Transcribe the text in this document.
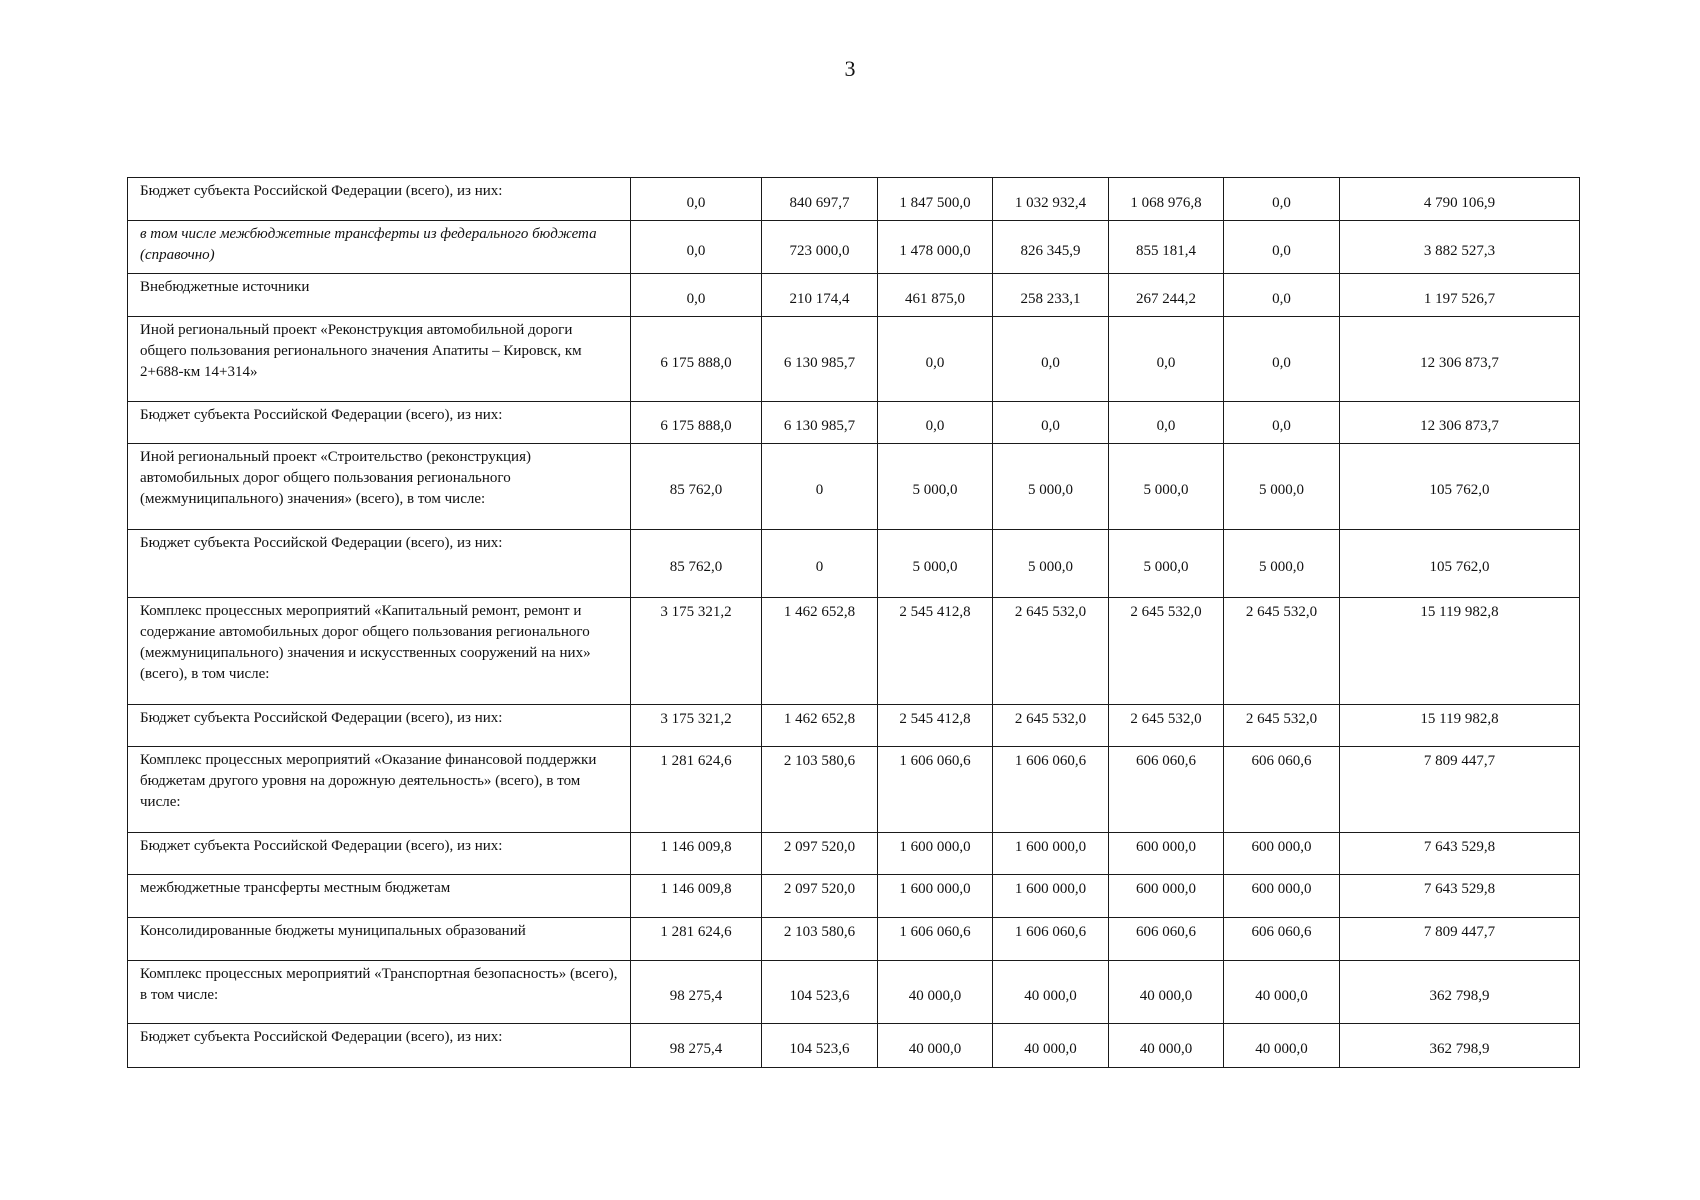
3
Бюджет субъекта Российской Федерации (всего), из них:	0,0	840 697,7	1 847 500,0	1 032 932,4	1 068 976,8	0,0	4 790 106,9
в том числе межбюджетные трансферты из федерального бюджета (справочно)	0,0	723 000,0	1 478 000,0	826 345,9	855 181,4	0,0	3 882 527,3
Внебюджетные источники	0,0	210 174,4	461 875,0	258 233,1	267 244,2	0,0	1 197 526,7
Иной региональный проект «Реконструкция автомобильной дороги общего пользования регионального значения Апатиты – Кировск, км 2+688-км 14+314»	6 175 888,0	6 130 985,7	0,0	0,0	0,0	0,0	12 306 873,7
Бюджет субъекта Российской Федерации (всего), из них:	6 175 888,0	6 130 985,7	0,0	0,0	0,0	0,0	12 306 873,7
Иной региональный проект «Строительство (реконструкция) автомобильных дорог общего пользования регионального (межмуниципального) значения» (всего), в том числе:	85 762,0	0	5 000,0	5 000,0	5 000,0	5 000,0	105 762,0
Бюджет субъекта Российской Федерации (всего), из них:	85 762,0	0	5 000,0	5 000,0	5 000,0	5 000,0	105 762,0
Комплекс процессных мероприятий «Капитальный ремонт, ремонт и содержание автомобильных дорог общего пользования регионального (межмуниципального) значения и искусственных сооружений на них» (всего), в том числе:	3 175 321,2	1 462 652,8	2 545 412,8	2 645 532,0	2 645 532,0	2 645 532,0	15 119 982,8
Бюджет субъекта Российской Федерации (всего), из них:	3 175 321,2	1 462 652,8	2 545 412,8	2 645 532,0	2 645 532,0	2 645 532,0	15 119 982,8
Комплекс процессных мероприятий «Оказание финансовой поддержки бюджетам другого уровня на дорожную деятельность» (всего), в том числе:	1 281 624,6	2 103 580,6	1 606 060,6	1 606 060,6	606 060,6	606 060,6	7 809 447,7
Бюджет субъекта Российской Федерации (всего), из них:	1 146 009,8	2 097 520,0	1 600 000,0	1 600 000,0	600 000,0	600 000,0	7 643 529,8
межбюджетные трансферты местным бюджетам	1 146 009,8	2 097 520,0	1 600 000,0	1 600 000,0	600 000,0	600 000,0	7 643 529,8
Консолидированные бюджеты муниципальных образований	1 281 624,6	2 103 580,6	1 606 060,6	1 606 060,6	606 060,6	606 060,6	7 809 447,7
Комплекс процессных мероприятий «Транспортная безопасность» (всего), в том числе:	98 275,4	104 523,6	40 000,0	40 000,0	40 000,0	40 000,0	362 798,9
Бюджет субъекта Российской Федерации (всего), из них:	98 275,4	104 523,6	40 000,0	40 000,0	40 000,0	40 000,0	362 798,9
